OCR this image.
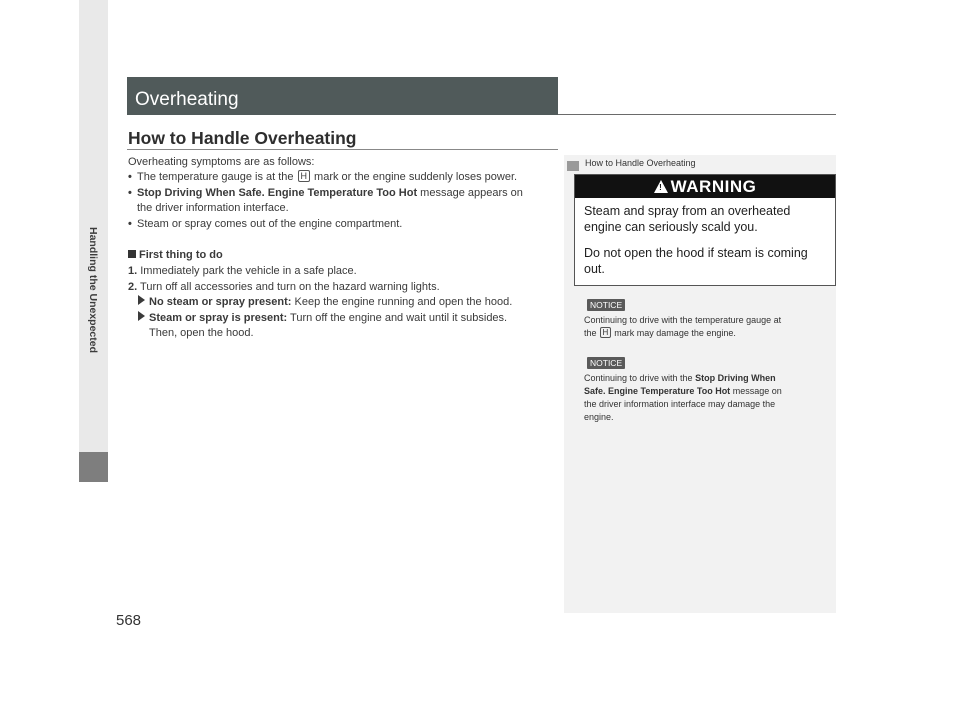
Handling the Unexpected
568
Overheating
How to Handle Overheating
Overheating symptoms are as follows:
• The temperature gauge is at the H mark or the engine suddenly loses power.
• Stop Driving When Safe. Engine Temperature Too Hot message appears on
the driver information interface.
• Steam or spray comes out of the engine compartment.
First thing to do
1. Immediately park the vehicle in a safe place.
2. Turn off all accessories and turn on the hazard warning lights.
No steam or spray present: Keep the engine running and open the hood.
Steam or spray is present: Turn off the engine and wait until it subsides.
Then, open the hood.
How to Handle Overheating
! WARNING
Steam and spray from an overheated
engine can seriously scald you.
Do not open the hood if steam is coming
out.
NOTICE
Continuing to drive with the temperature gauge at
the H mark may damage the engine.
NOTICE
Continuing to drive with the Stop Driving When
Safe. Engine Temperature Too Hot message on
the driver information interface may damage the
engine.
